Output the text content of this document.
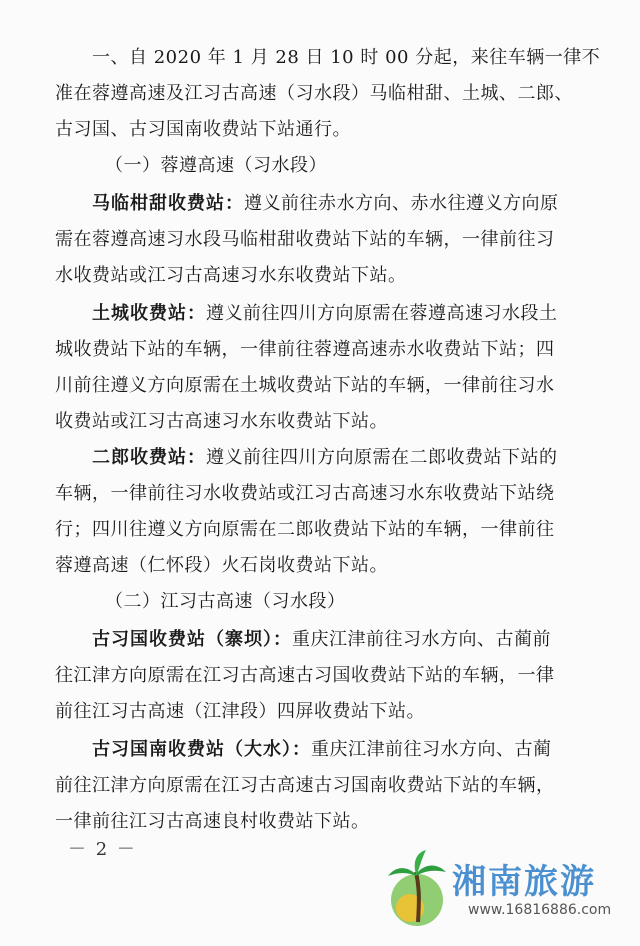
一、自 2020 年 1 月 28 日 10 时 00 分起，来往车辆一律不
准在蓉遵高速及江习古高速（习水段）马临柑甜、土城、二郎、
古习国、古习国南收费站下站通行。
（一）蓉遵高速（习水段）
马临柑甜收费站：遵义前往赤水方向、赤水往遵义方向原
需在蓉遵高速习水段马临柑甜收费站下站的车辆，一律前往习
水收费站或江习古高速习水东收费站下站。
土城收费站：遵义前往四川方向原需在蓉遵高速习水段土
城收费站下站的车辆，一律前往蓉遵高速赤水收费站下站；四
川前往遵义方向原需在土城收费站下站的车辆，一律前往习水
收费站或江习古高速习水东收费站下站。
二郎收费站：遵义前往四川方向原需在二郎收费站下站的
车辆，一律前往习水收费站或江习古高速习水东收费站下站绕
行；四川往遵义方向原需在二郎收费站下站的车辆，一律前往
蓉遵高速（仁怀段）火石岗收费站下站。
（二）江习古高速（习水段）
古习国收费站（寨坝）：重庆江津前往习水方向、古蔺前
往江津方向原需在江习古高速古习国收费站下站的车辆，一律
前往江习古高速（江津段）四屏收费站下站。
古习国南收费站（大水）：重庆江津前往习水方向、古蔺
前往江津方向原需在江习古高速古习国南收费站下站的车辆，
一律前往江习古高速良村收费站下站。
－ 2 －
湘南旅游
www.16816886.com
